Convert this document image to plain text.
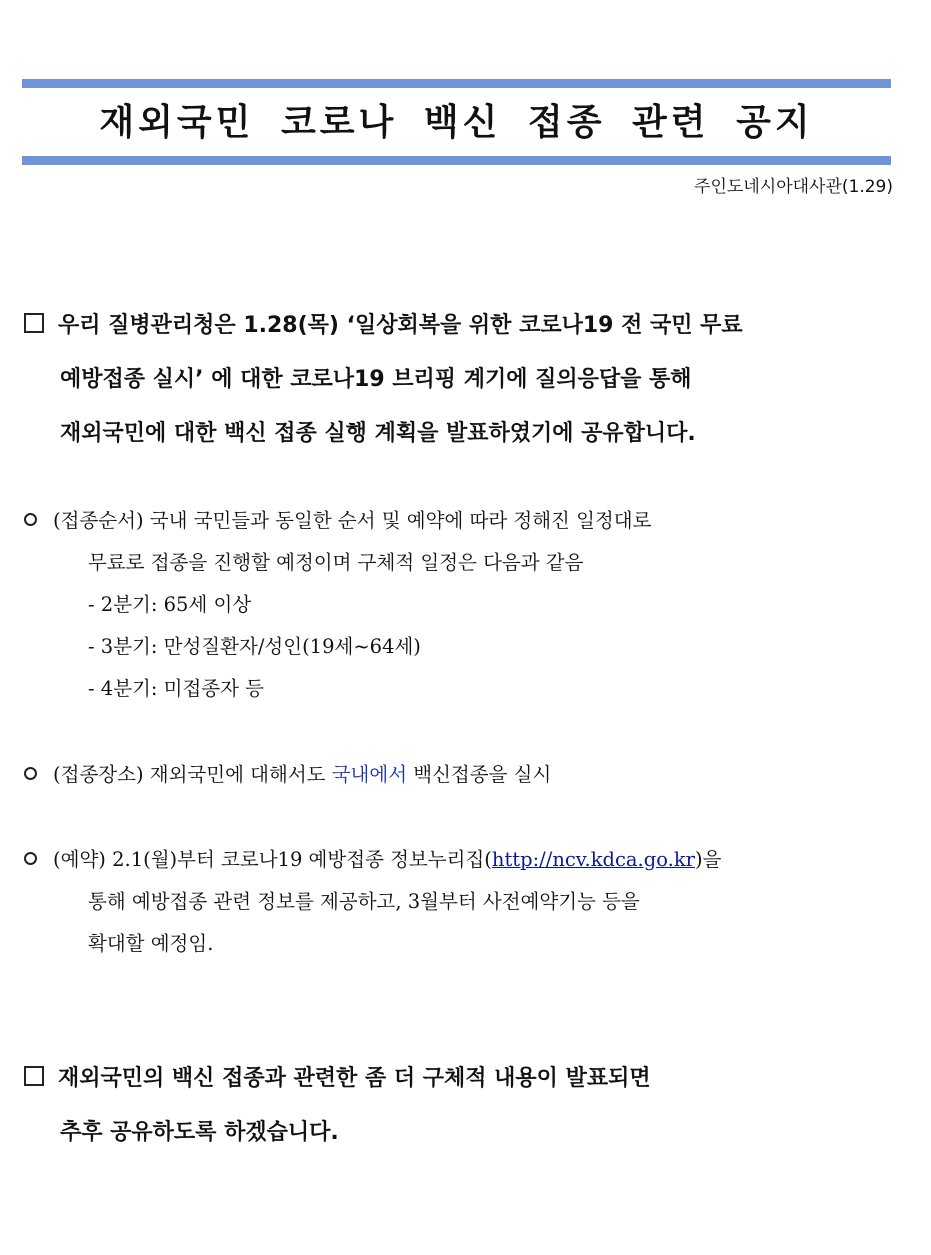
재외국민 코로나 백신 접종 관련 공지
주인도네시아대사관(1.29)
우리 질병관리청은 1.28(목) ‘일상회복을 위한 코로나19 전 국민 무료
예방접종 실시’ 에 대한 코로나19 브리핑 계기에 질의응답을 통해
재외국민에 대한 백신 접종 실행 계획을 발표하였기에 공유합니다.
(접종순서) 국내 국민들과 동일한 순서 및 예약에 따라 정해진 일정대로
무료로 접종을 진행할 예정이며 구체적 일정은 다음과 같음
- 2분기: 65세 이상
- 3분기: 만성질환자/성인(19세~64세)
- 4분기: 미접종자 등
(접종장소) 재외국민에 대해서도 국내에서 백신접종을 실시
(예약) 2.1(월)부터 코로나19 예방접종 정보누리집(http://ncv.kdca.go.kr)을
통해 예방접종 관련 정보를 제공하고, 3월부터 사전예약기능 등을
확대할 예정임.
재외국민의 백신 접종과 관련한 좀 더 구체적 내용이 발표되면
추후 공유하도록 하겠습니다.
